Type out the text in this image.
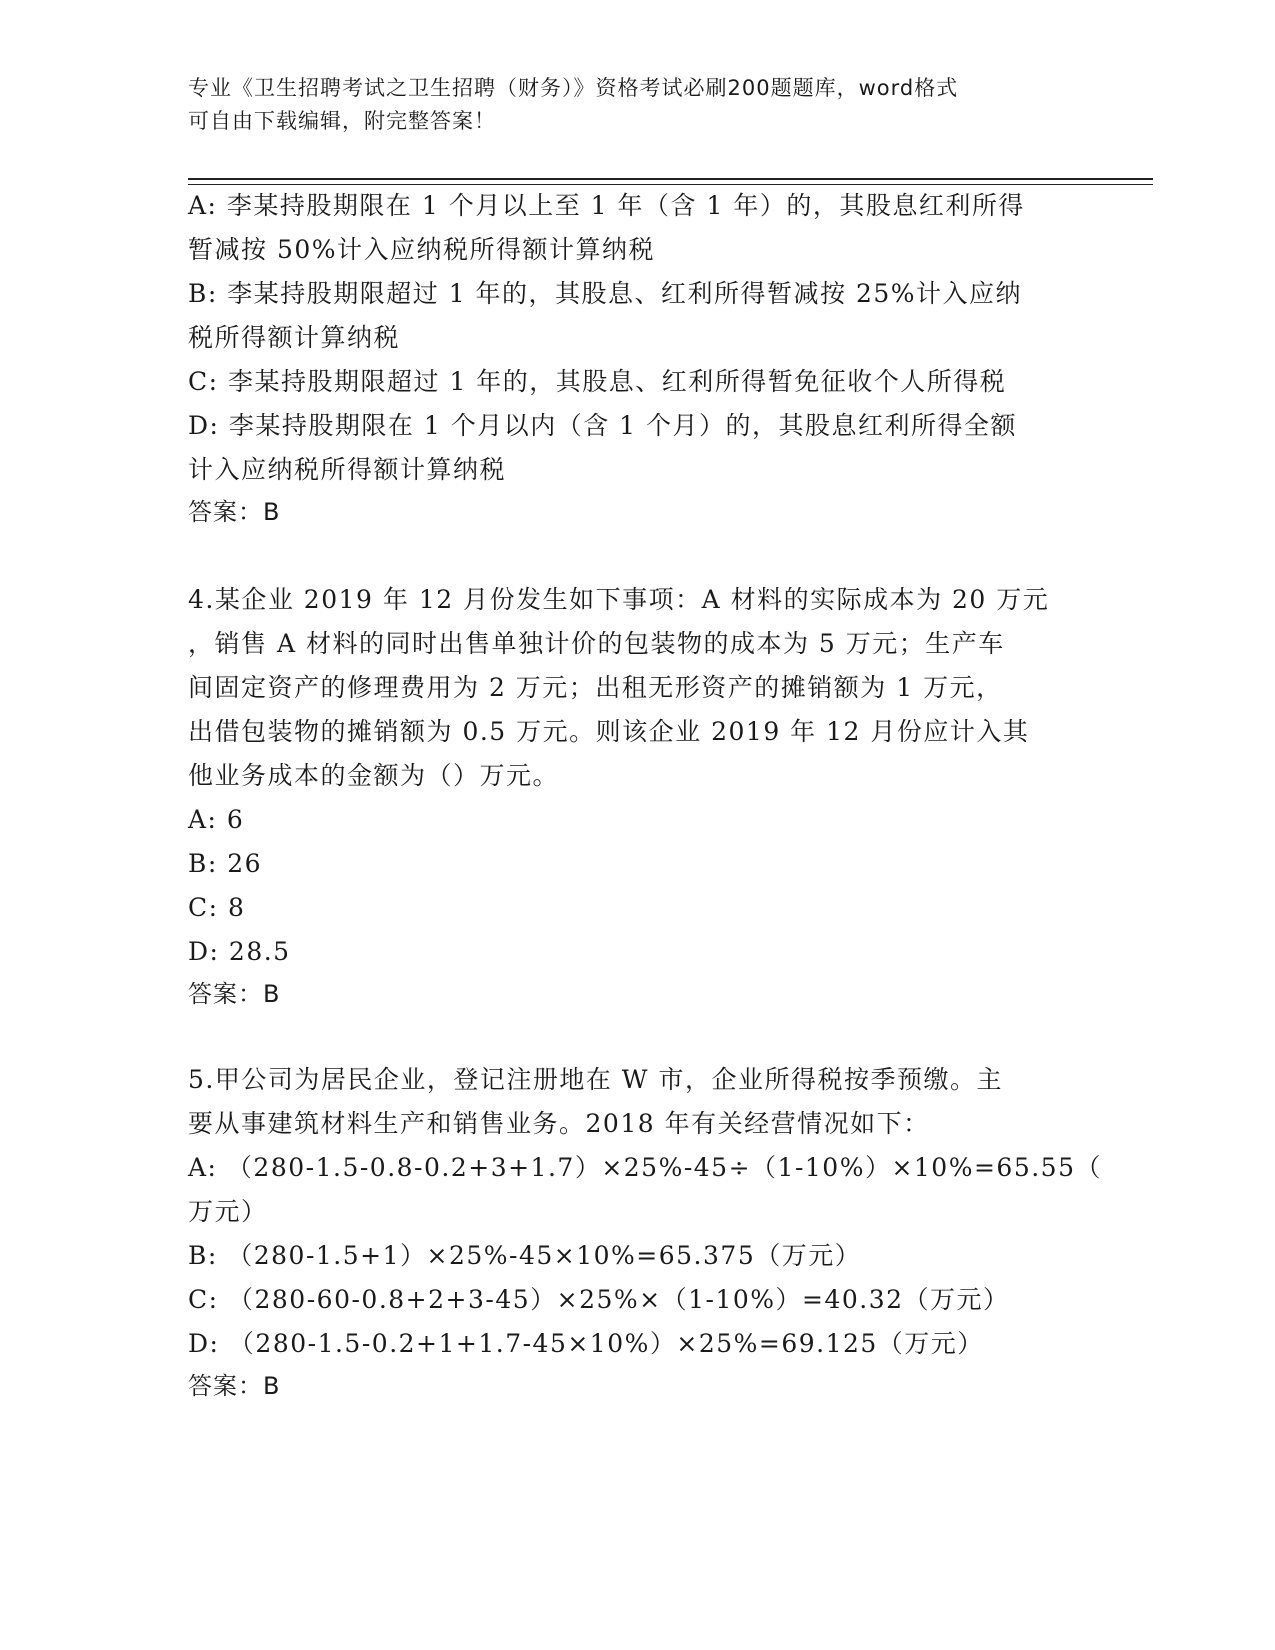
专业《卫生招聘考试之卫生招聘（财务）》资格考试必刷200题题库，word格式
可自由下载编辑，附完整答案！
A: 李某持股期限在 1 个月以上至 1 年（含 1 年）的，其股息红利所得
暂减按 50%计入应纳税所得额计算纳税
B: 李某持股期限超过 1 年的，其股息、红利所得暂减按 25%计入应纳
税所得额计算纳税
C: 李某持股期限超过 1 年的，其股息、红利所得暂免征收个人所得税
D: 李某持股期限在 1 个月以内（含 1 个月）的，其股息红利所得全额
计入应纳税所得额计算纳税
答案：B
4.某企业 2019 年 12 月份发生如下事项：A 材料的实际成本为 20 万元
，销售 A 材料的同时出售单独计价的包装物的成本为 5 万元；生产车
间固定资产的修理费用为 2 万元；出租无形资产的摊销额为 1 万元，
出借包装物的摊销额为 0.5 万元。则该企业 2019 年 12 月份应计入其
他业务成本的金额为（）万元。
A: 6
B: 26
C: 8
D: 28.5
答案：B
5.甲公司为居民企业，登记注册地在 W 市，企业所得税按季预缴。主
要从事建筑材料生产和销售业务。2018 年有关经营情况如下：
A: （280-1.5-0.8-0.2+3+1.7）×25%-45÷（1-10%）×10%=65.55（
万元）
B: （280-1.5+1）×25%-45×10%=65.375（万元）
C: （280-60-0.8+2+3-45）×25%×（1-10%）=40.32（万元）
D: （280-1.5-0.2+1+1.7-45×10%）×25%=69.125（万元）
答案：B
